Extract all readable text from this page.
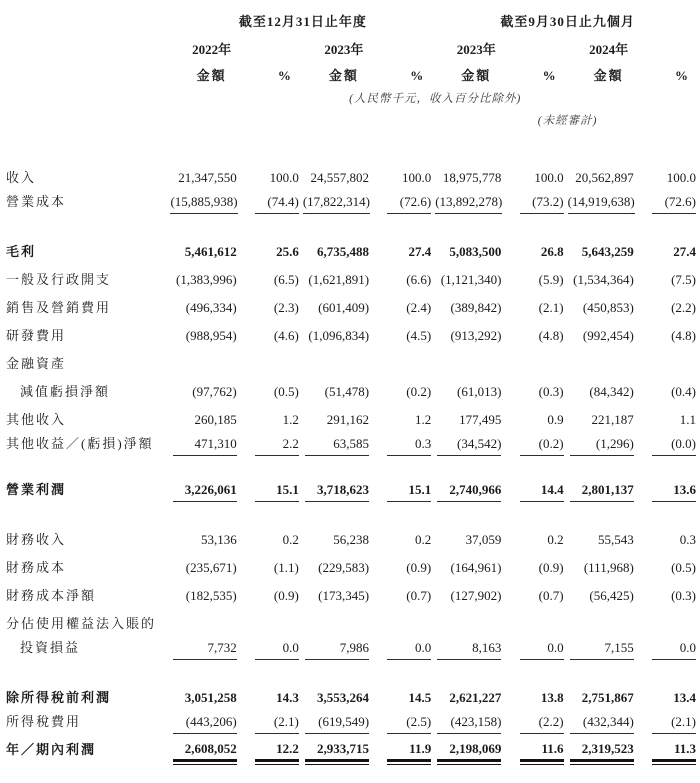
	截至12月31日止年度				截至9月30日止九個月			
	2022年		2023年		2023年		2024年	
	金額	%	金額	%	金額	%	金額	%
	(人民幣千元，收入百分比除外)							
					(未經審計)			

收入	21,347,550	100.0	24,557,802	100.0	18,975,778	100.0	20,562,897	100.0
營業成本	(15,885,938)	(74.4)	(17,822,314)	(72.6)	(13,892,278)	(73.2)	(14,919,638)	(72.6)

毛利	5,461,612	25.6	6,735,488	27.4	5,083,500	26.8	5,643,259	27.4
一般及行政開支	(1,383,996)	(6.5)	(1,621,891)	(6.6)	(1,121,340)	(5.9)	(1,534,364)	(7.5)
銷售及營銷費用	(496,334)	(2.3)	(601,409)	(2.4)	(389,842)	(2.1)	(450,853)	(2.2)
研發費用	(988,954)	(4.6)	(1,096,834)	(4.5)	(913,292)	(4.8)	(992,454)	(4.8)
金融資產								
減值虧損淨額	(97,762)	(0.5)	(51,478)	(0.2)	(61,013)	(0.3)	(84,342)	(0.4)
其他收入	260,185	1.2	291,162	1.2	177,495	0.9	221,187	1.1
其他收益／(虧損)淨額	471,310	2.2	63,585	0.3	(34,542)	(0.2)	(1,296)	(0.0)

營業利潤	3,226,061	15.1	3,718,623	15.1	2,740,966	14.4	2,801,137	13.6

財務收入	53,136	0.2	56,238	0.2	37,059	0.2	55,543	0.3
財務成本	(235,671)	(1.1)	(229,583)	(0.9)	(164,961)	(0.9)	(111,968)	(0.5)
財務成本淨額	(182,535)	(0.9)	(173,345)	(0.7)	(127,902)	(0.7)	(56,425)	(0.3)
分佔使用權益法入賬的								
投資損益	7,732	0.0	7,986	0.0	8,163	0.0	7,155	0.0

除所得稅前利潤	3,051,258	14.3	3,553,264	14.5	2,621,227	13.8	2,751,867	13.4
所得稅費用	(443,206)	(2.1)	(619,549)	(2.5)	(423,158)	(2.2)	(432,344)	(2.1)
年／期內利潤	2,608,052	12.2	2,933,715	11.9	2,198,069	11.6	2,319,523	11.3
